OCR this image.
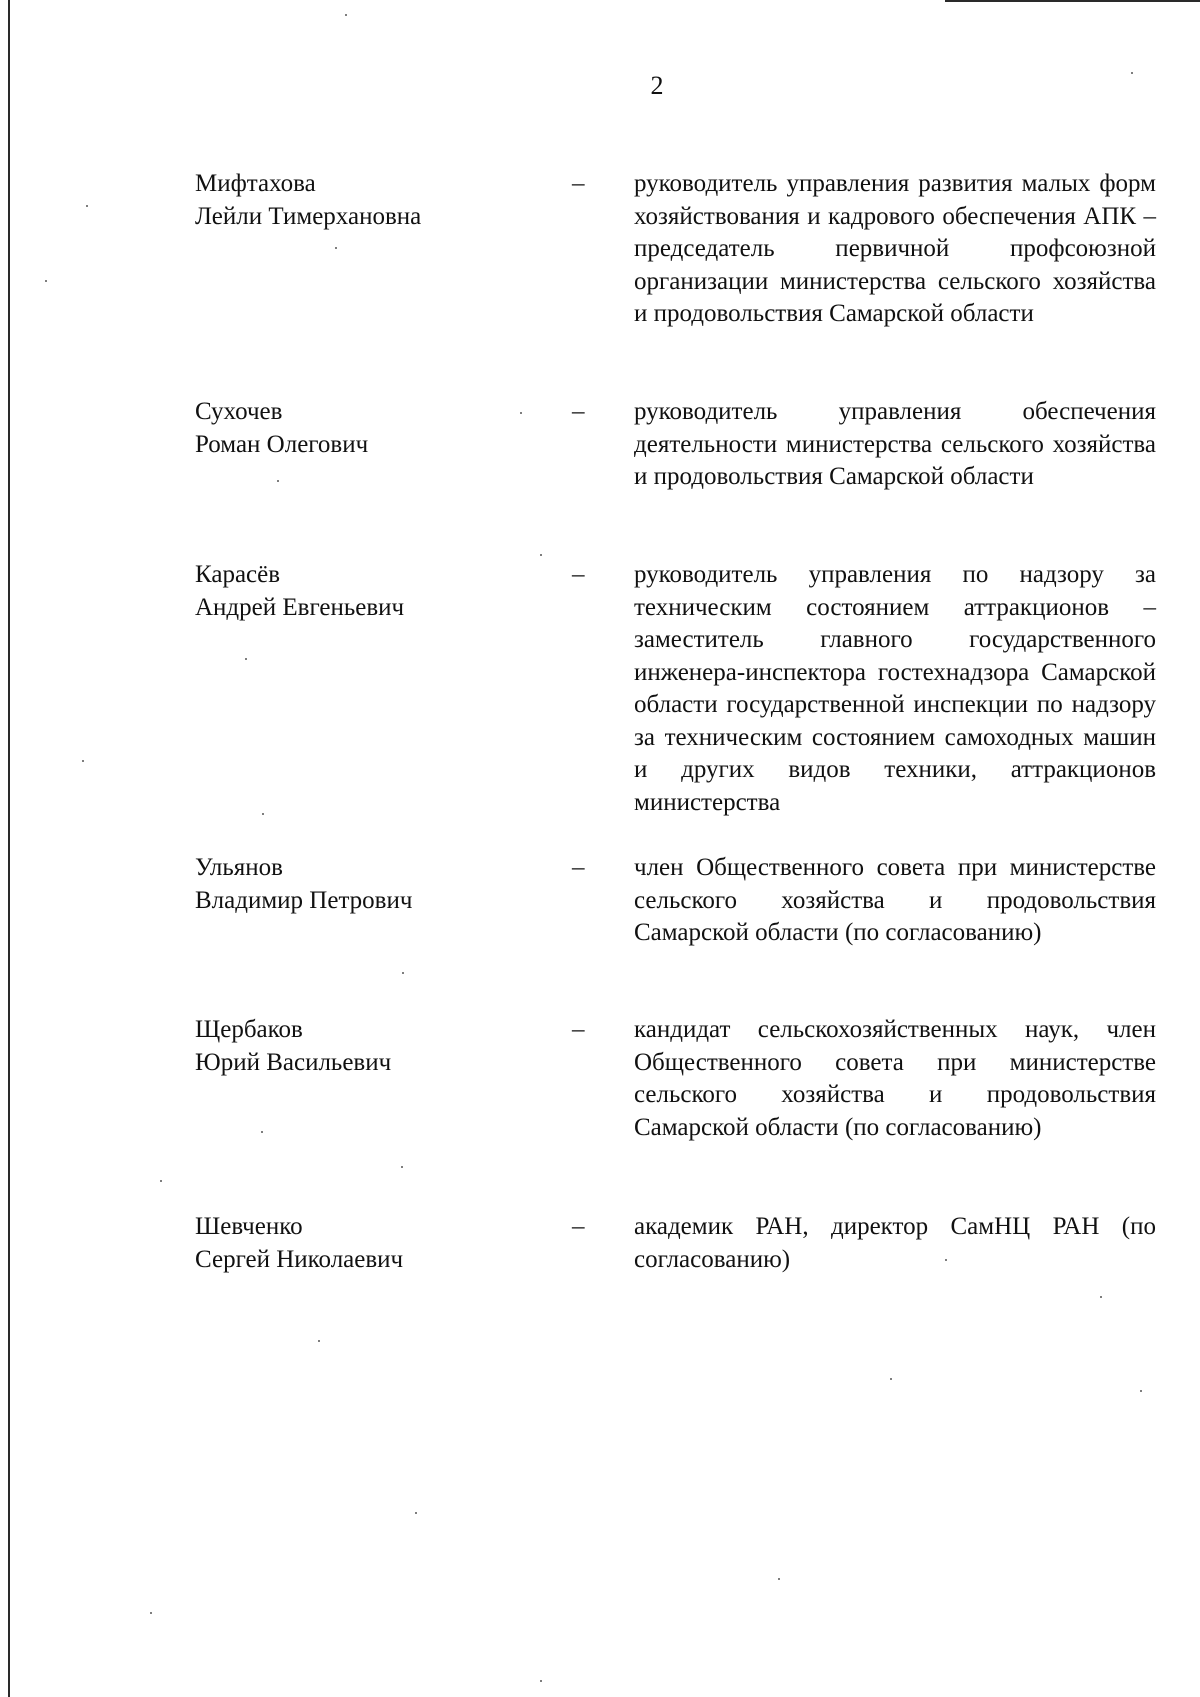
2
Мифтахова
Лейли Тимерхановна
–	руководитель управления развития малых форм хозяйствования и кадрового обеспечения АПК – председатель первичной профсоюзной организации министерства сельского хозяйства и продовольствия Самарской области
Сухочев
Роман Олегович
–	руководитель управления обеспечения деятельности министерства сельского хозяйства и продовольствия Самарской области
Карасёв
Андрей Евгеньевич
–	руководитель управления по надзору за техническим состоянием аттракционов – заместитель главного государственного инженера-инспектора гостехнадзора Самарской области государственной инспекции по надзору за техническим состоянием самоходных машин и других видов техники, аттракционов министерства
Ульянов
Владимир Петрович
–	член Общественного совета при министерстве сельского хозяйства и продовольствия Самарской области (по согласованию)
Щербаков
Юрий Васильевич
–	кандидат сельскохозяйственных наук, член Общественного совета при министерстве сельского хозяйства и продовольствия Самарской области (по согласованию)
Шевченко
Сергей Николаевич
–	академик РАН, директор СамНЦ РАН (по согласованию)
